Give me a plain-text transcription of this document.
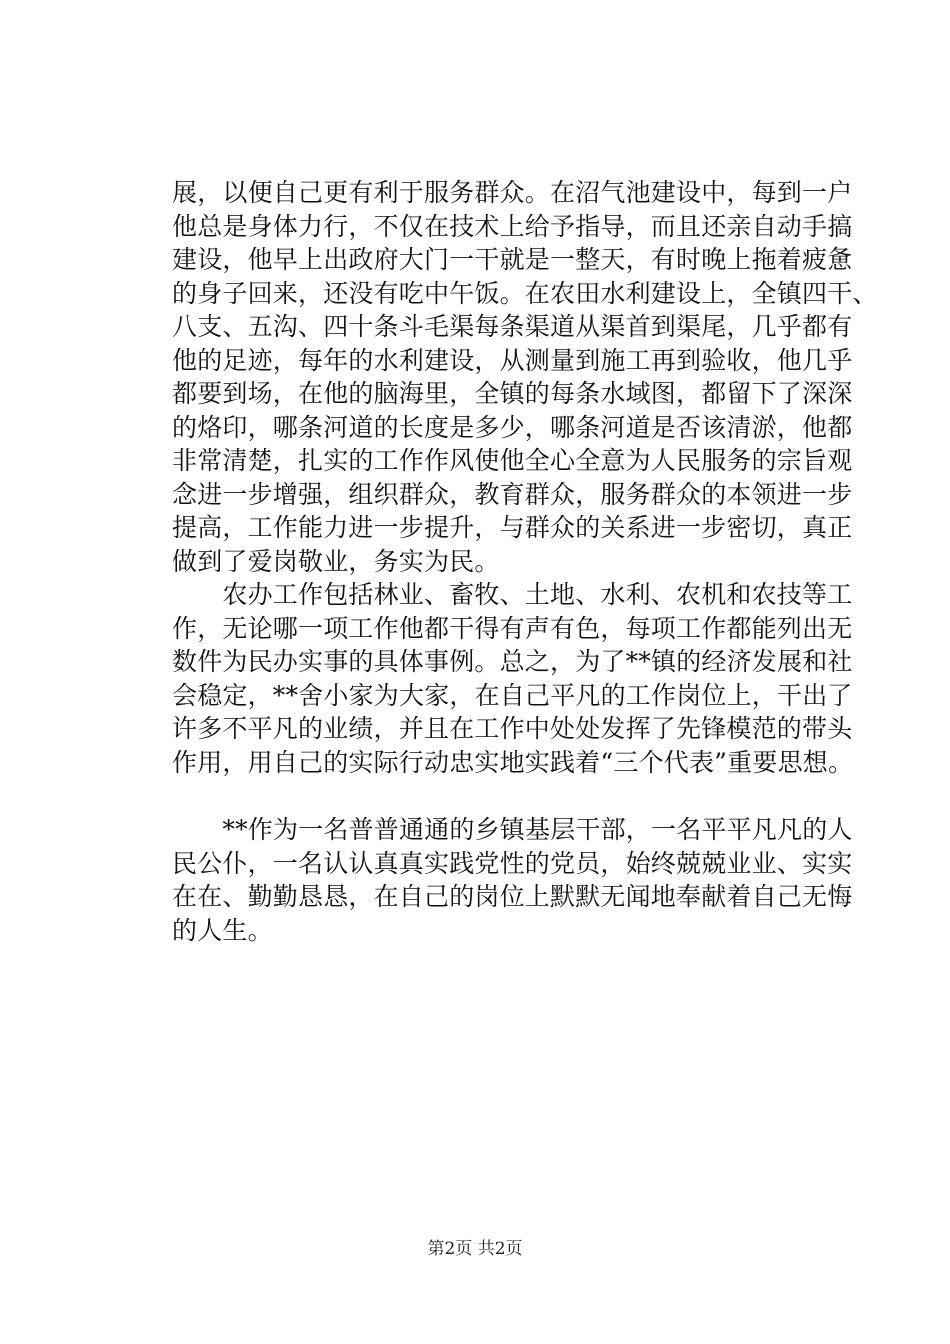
展，以便自己更有利于服务群众。在沼气池建设中，每到一户
他总是身体力行，不仅在技术上给予指导，而且还亲自动手搞
建设，他早上出政府大门一干就是一整天，有时晚上拖着疲惫
的身子回来，还没有吃中午饭。在农田水利建设上，全镇四干、
八支、五沟、四十条斗毛渠每条渠道从渠首到渠尾，几乎都有
他的足迹，每年的水利建设，从测量到施工再到验收，他几乎
都要到场，在他的脑海里，全镇的每条水域图，都留下了深深
的烙印，哪条河道的长度是多少，哪条河道是否该清淤，他都
非常清楚，扎实的工作作风使他全心全意为人民服务的宗旨观
念进一步增强，组织群众，教育群众，服务群众的本领进一步
提高，工作能力进一步提升，与群众的关系进一步密切，真正
做到了爱岗敬业，务实为民。
　　农办工作包括林业、畜牧、土地、水利、农机和农技等工
作，无论哪一项工作他都干得有声有色，每项工作都能列出无
数件为民办实事的具体事例。总之，为了**镇的经济发展和社
会稳定，**舍小家为大家，在自己平凡的工作岗位上，干出了
许多不平凡的业绩，并且在工作中处处发挥了先锋模范的带头
作用，用自己的实际行动忠实地实践着“三个代表”重要思想。
　　**作为一名普普通通的乡镇基层干部，一名平平凡凡的人
民公仆，一名认认真真实践党性的党员，始终兢兢业业、实实
在在、勤勤恳恳，在自己的岗位上默默无闻地奉献着自己无悔
的人生。
第2页 共2页
